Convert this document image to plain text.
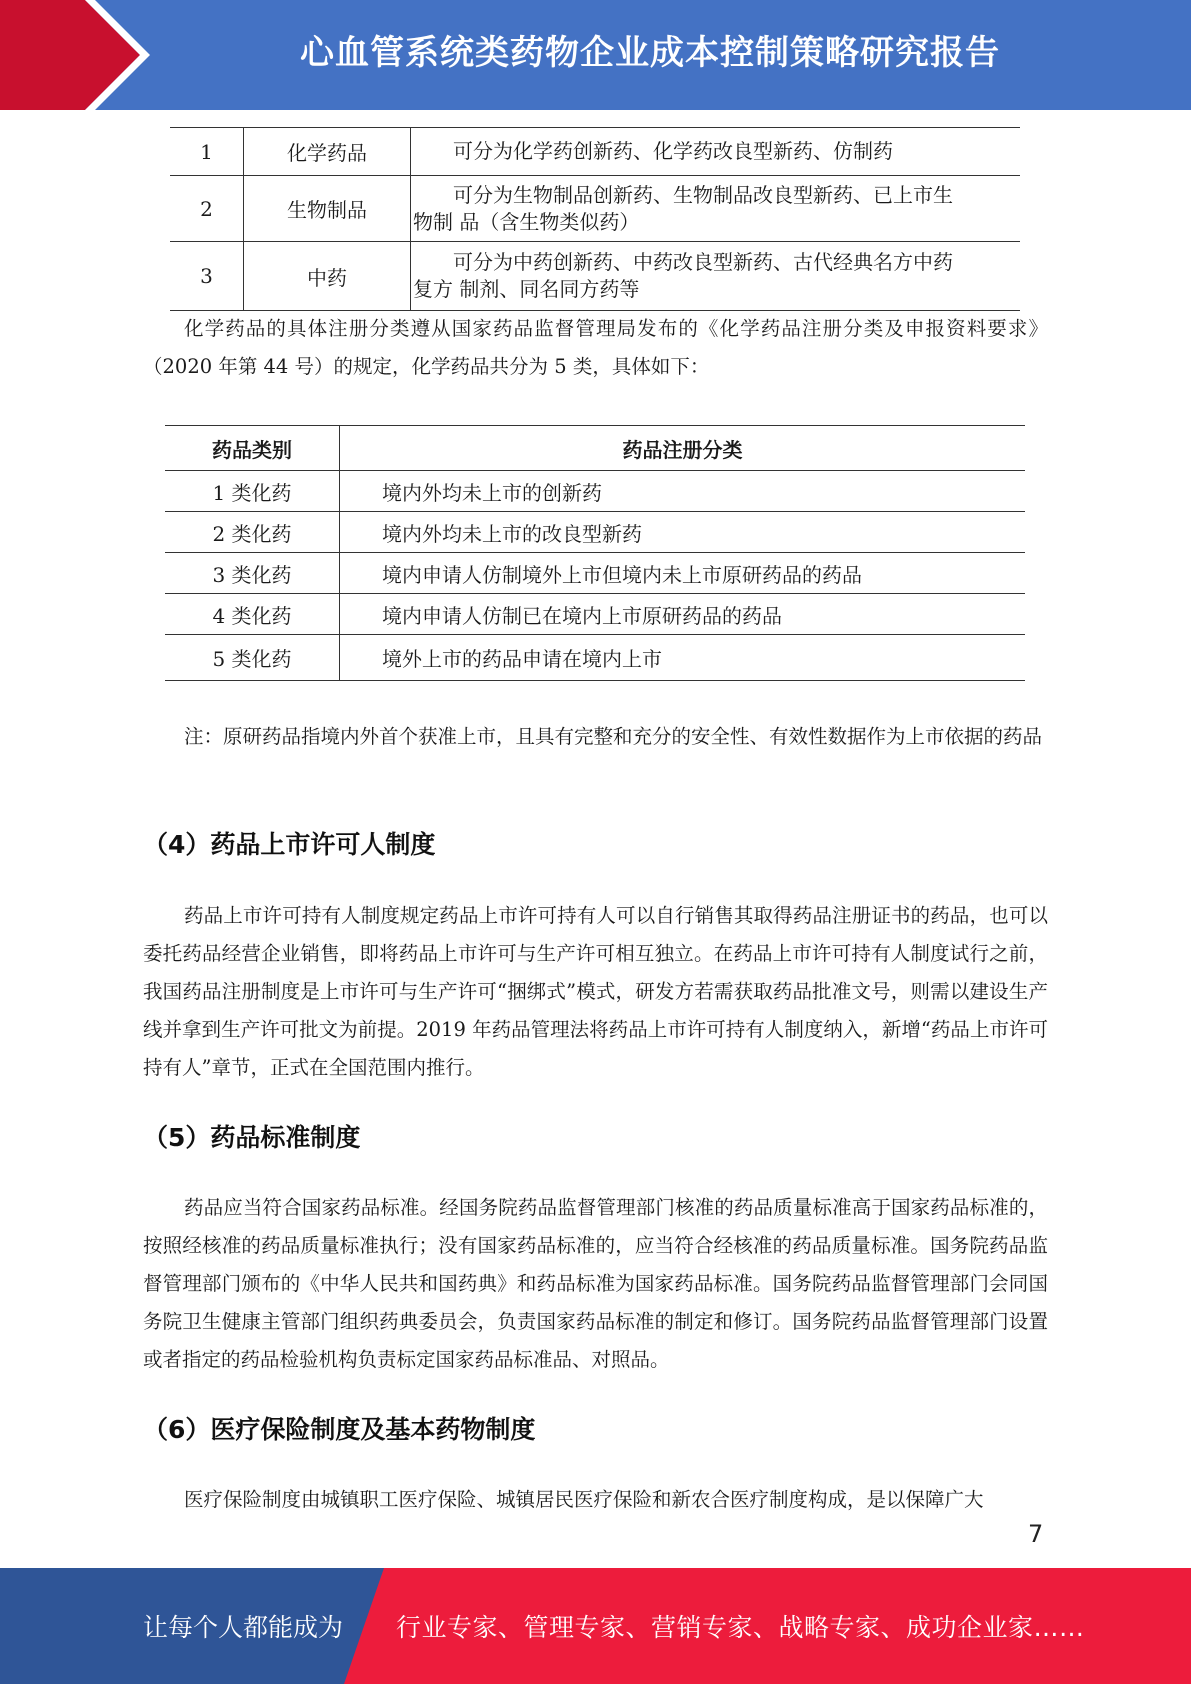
心血管系统类药物企业成本控制策略研究报告
1	化学药品	可分为化学药创新药、化学药改良型新药、仿制药

2	生物制品	可分为生物制品创新药、生物制品改良型新药、已上市生
物制 品（含生物类似药）

3	中药	可分为中药创新药、中药改良型新药、古代经典名方中药
复方 制剂、同名同方药等

化学药品的具体注册分类遵从国家药品监督管理局发布的《化学药品注册分类及申报资料要求》（2020 年第 44 号）的规定，化学药品共分为 5 类，具体如下：

药品类别	药品注册分类
1 类化药	境内外均未上市的创新药
2 类化药	境内外均未上市的改良型新药
3 类化药	境内申请人仿制境外上市但境内未上市原研药品的药品
4 类化药	境内申请人仿制已在境内上市原研药品的药品
5 类化药	境外上市的药品申请在境内上市

注：原研药品指境内外首个获准上市，且具有完整和充分的安全性、有效性数据作为上市依据的药品

（4）药品上市许可人制度

药品上市许可持有人制度规定药品上市许可持有人可以自行销售其取得药品注册证书的药品，也可以委托药品经营企业销售，即将药品上市许可与生产许可相互独立。在药品上市许可持有人制度试行之前，我国药品注册制度是上市许可与生产许可“捆绑式”模式，研发方若需获取药品批准文号，则需以建设生产线并拿到生产许可批文为前提。2019 年药品管理法将药品上市许可持有人制度纳入，新增“药品上市许可持有人”章节，正式在全国范围内推行。

（5）药品标准制度

药品应当符合国家药品标准。经国务院药品监督管理部门核准的药品质量标准高于国家药品标准的，按照经核准的药品质量标准执行；没有国家药品标准的，应当符合经核准的药品质量标准。国务院药品监督管理部门颁布的《中华人民共和国药典》和药品标准为国家药品标准。国务院药品监督管理部门会同国务院卫生健康主管部门组织药典委员会，负责国家药品标准的制定和修订。国务院药品监督管理部门设置或者指定的药品检验机构负责标定国家药品标准品、对照品。

（6）医疗保险制度及基本药物制度

医疗保险制度由城镇职工医疗保险、城镇居民医疗保险和新农合医疗制度构成，是以保障广大

7
让每个人都能成为 行业专家、管理专家、营销专家、战略专家、成功企业家……
